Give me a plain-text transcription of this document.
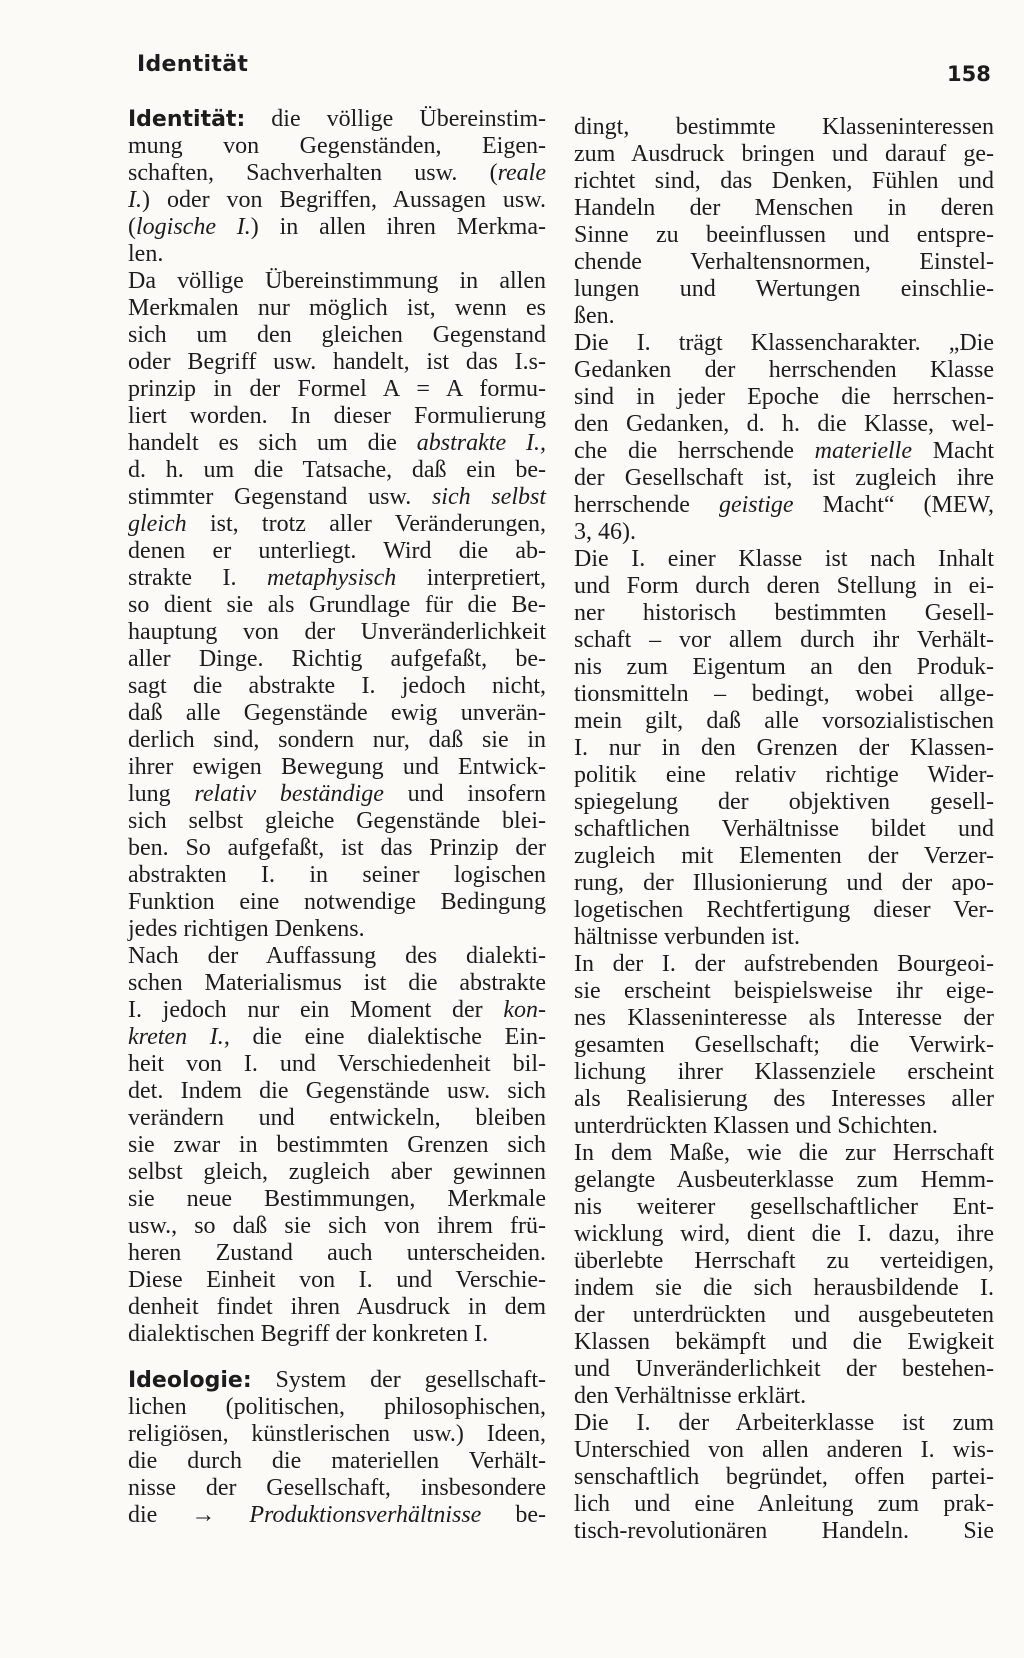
Identität	158
Identität: die völlige Übereinstim-
mung von Gegenständen, Eigen-
schaften, Sachverhalten usw. (reale
I.) oder von Begriffen, Aussagen usw.
(logische I.) in allen ihren Merkma-
len.
Da völlige Übereinstimmung in allen
Merkmalen nur möglich ist, wenn es
sich um den gleichen Gegenstand
oder Begriff usw. handelt, ist das I.s-
prinzip in der Formel A = A formu-
liert worden. In dieser Formulierung
handelt es sich um die abstrakte I.,
d. h. um die Tatsache, daß ein be-
stimmter Gegenstand usw. sich selbst
gleich ist, trotz aller Veränderungen,
denen er unterliegt. Wird die ab-
strakte I. metaphysisch interpretiert,
so dient sie als Grundlage für die Be-
hauptung von der Unveränderlichkeit
aller Dinge. Richtig aufgefaßt, be-
sagt die abstrakte I. jedoch nicht,
daß alle Gegenstände ewig unverän-
derlich sind, sondern nur, daß sie in
ihrer ewigen Bewegung und Entwick-
lung relativ beständige und insofern
sich selbst gleiche Gegenstände blei-
ben. So aufgefaßt, ist das Prinzip der
abstrakten I. in seiner logischen
Funktion eine notwendige Bedingung
jedes richtigen Denkens.
Nach der Auffassung des dialekti-
schen Materialismus ist die abstrakte
I. jedoch nur ein Moment der kon-
kreten I., die eine dialektische Ein-
heit von I. und Verschiedenheit bil-
det. Indem die Gegenstände usw. sich
verändern und entwickeln, bleiben
sie zwar in bestimmten Grenzen sich
selbst gleich, zugleich aber gewinnen
sie neue Bestimmungen, Merkmale
usw., so daß sie sich von ihrem frü-
heren Zustand auch unterscheiden.
Diese Einheit von I. und Verschie-
denheit findet ihren Ausdruck in dem
dialektischen Begriff der konkreten I.
Ideologie: System der gesellschaft-
lichen (politischen, philosophischen,
religiösen, künstlerischen usw.) Ideen,
die durch die materiellen Verhält-
nisse der Gesellschaft, insbesondere
die → Produktionsverhältnisse be-
dingt, bestimmte Klasseninteressen
zum Ausdruck bringen und darauf ge-
richtet sind, das Denken, Fühlen und
Handeln der Menschen in deren
Sinne zu beeinflussen und entspre-
chende Verhaltensnormen, Einstel-
lungen und Wertungen einschlie-
ßen.
Die I. trägt Klassencharakter. „Die
Gedanken der herrschenden Klasse
sind in jeder Epoche die herrschen-
den Gedanken, d. h. die Klasse, wel-
che die herrschende materielle Macht
der Gesellschaft ist, ist zugleich ihre
herrschende geistige Macht“ (MEW,
3, 46).
Die I. einer Klasse ist nach Inhalt
und Form durch deren Stellung in ei-
ner historisch bestimmten Gesell-
schaft – vor allem durch ihr Verhält-
nis zum Eigentum an den Produk-
tionsmitteln – bedingt, wobei allge-
mein gilt, daß alle vorsozialistischen
I. nur in den Grenzen der Klassen-
politik eine relativ richtige Wider-
spiegelung der objektiven gesell-
schaftlichen Verhältnisse bildet und
zugleich mit Elementen der Verzer-
rung, der Illusionierung und der apo-
logetischen Rechtfertigung dieser Ver-
hältnisse verbunden ist.
In der I. der aufstrebenden Bourgeoi-
sie erscheint beispielsweise ihr eige-
nes Klasseninteresse als Interesse der
gesamten Gesellschaft; die Verwirk-
lichung ihrer Klassenziele erscheint
als Realisierung des Interesses aller
unterdrückten Klassen und Schichten.
In dem Maße, wie die zur Herrschaft
gelangte Ausbeuterklasse zum Hemm-
nis weiterer gesellschaftlicher Ent-
wicklung wird, dient die I. dazu, ihre
überlebte Herrschaft zu verteidigen,
indem sie die sich herausbildende I.
der unterdrückten und ausgebeuteten
Klassen bekämpft und die Ewigkeit
und Unveränderlichkeit der bestehen-
den Verhältnisse erklärt.
Die I. der Arbeiterklasse ist zum
Unterschied von allen anderen I. wis-
senschaftlich begründet, offen partei-
lich und eine Anleitung zum prak-
tisch-revolutionären Handeln. Sie
